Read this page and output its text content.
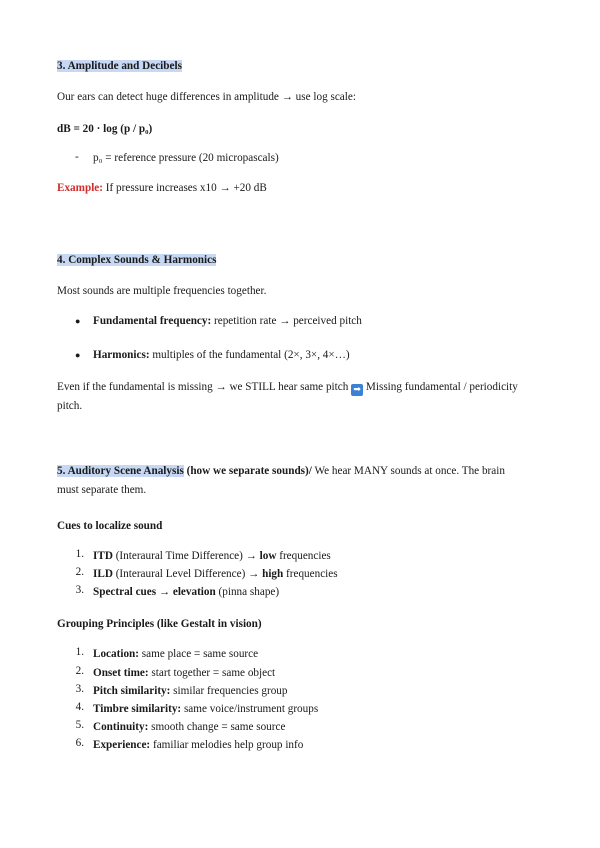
3. Amplitude and Decibels
Our ears can detect huge differences in amplitude → use log scale:
dB = 20 · log (p / p₀)
- p₀ = reference pressure (20 micropascals)
Example: If pressure increases x10 → +20 dB
4. Complex Sounds & Harmonics
Most sounds are multiple frequencies together.
● Fundamental frequency: repetition rate → perceived pitch
● Harmonics: multiples of the fundamental (2×, 3×, 4×…)
Even if the fundamental is missing → we STILL hear same pitch ➡ Missing fundamental / periodicity
pitch.
5. Auditory Scene Analysis (how we separate sounds)/ We hear MANY sounds at once. The brain
must separate them.
Cues to localize sound
1. ITD (Interaural Time Difference) → low frequencies
2. ILD (Interaural Level Difference) → high frequencies
3. Spectral cues → elevation (pinna shape)
Grouping Principles (like Gestalt in vision)
1. Location: same place = same source
2. Onset time: start together = same object
3. Pitch similarity: similar frequencies group
4. Timbre similarity: same voice/instrument groups
5. Continuity: smooth change = same source
6. Experience: familiar melodies help group info
